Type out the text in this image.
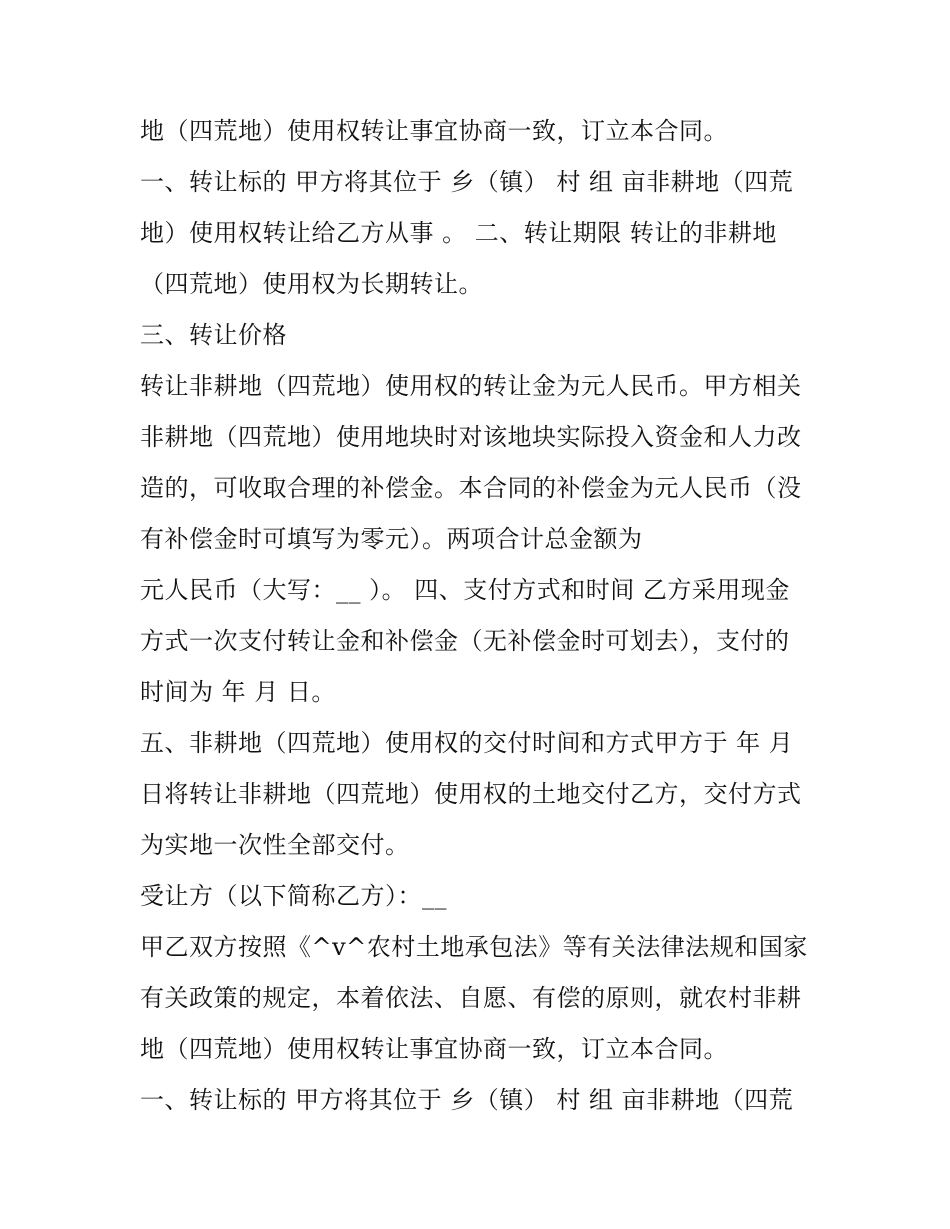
地（四荒地）使用权转让事宜协商一致，订立本合同。
一、转让标的 甲方将其位于 乡（镇） 村 组 亩非耕地（四荒
地）使用权转让给乙方从事 。 二、转让期限 转让的非耕地
（四荒地）使用权为长期转让。
三、转让价格
转让非耕地（四荒地）使用权的转让金为元人民币。甲方相关
非耕地（四荒地）使用地块时对该地块实际投入资金和人力改
造的，可收取合理的补偿金。本合同的补偿金为元人民币（没
有补偿金时可填写为零元）。两项合计总金额为
元人民币（大写：__ ）。 四、支付方式和时间 乙方采用现金
方式一次支付转让金和补偿金（无补偿金时可划去），支付的
时间为 年 月 日。
五、非耕地（四荒地）使用权的交付时间和方式甲方于 年 月
日将转让非耕地（四荒地）使用权的土地交付乙方，交付方式
为实地一次性全部交付。
受让方（以下简称乙方）：__
甲乙双方按照《^v^农村土地承包法》等有关法律法规和国家
有关政策的规定，本着依法、自愿、有偿的原则，就农村非耕
地（四荒地）使用权转让事宜协商一致，订立本合同。
一、转让标的 甲方将其位于 乡（镇） 村 组 亩非耕地（四荒
